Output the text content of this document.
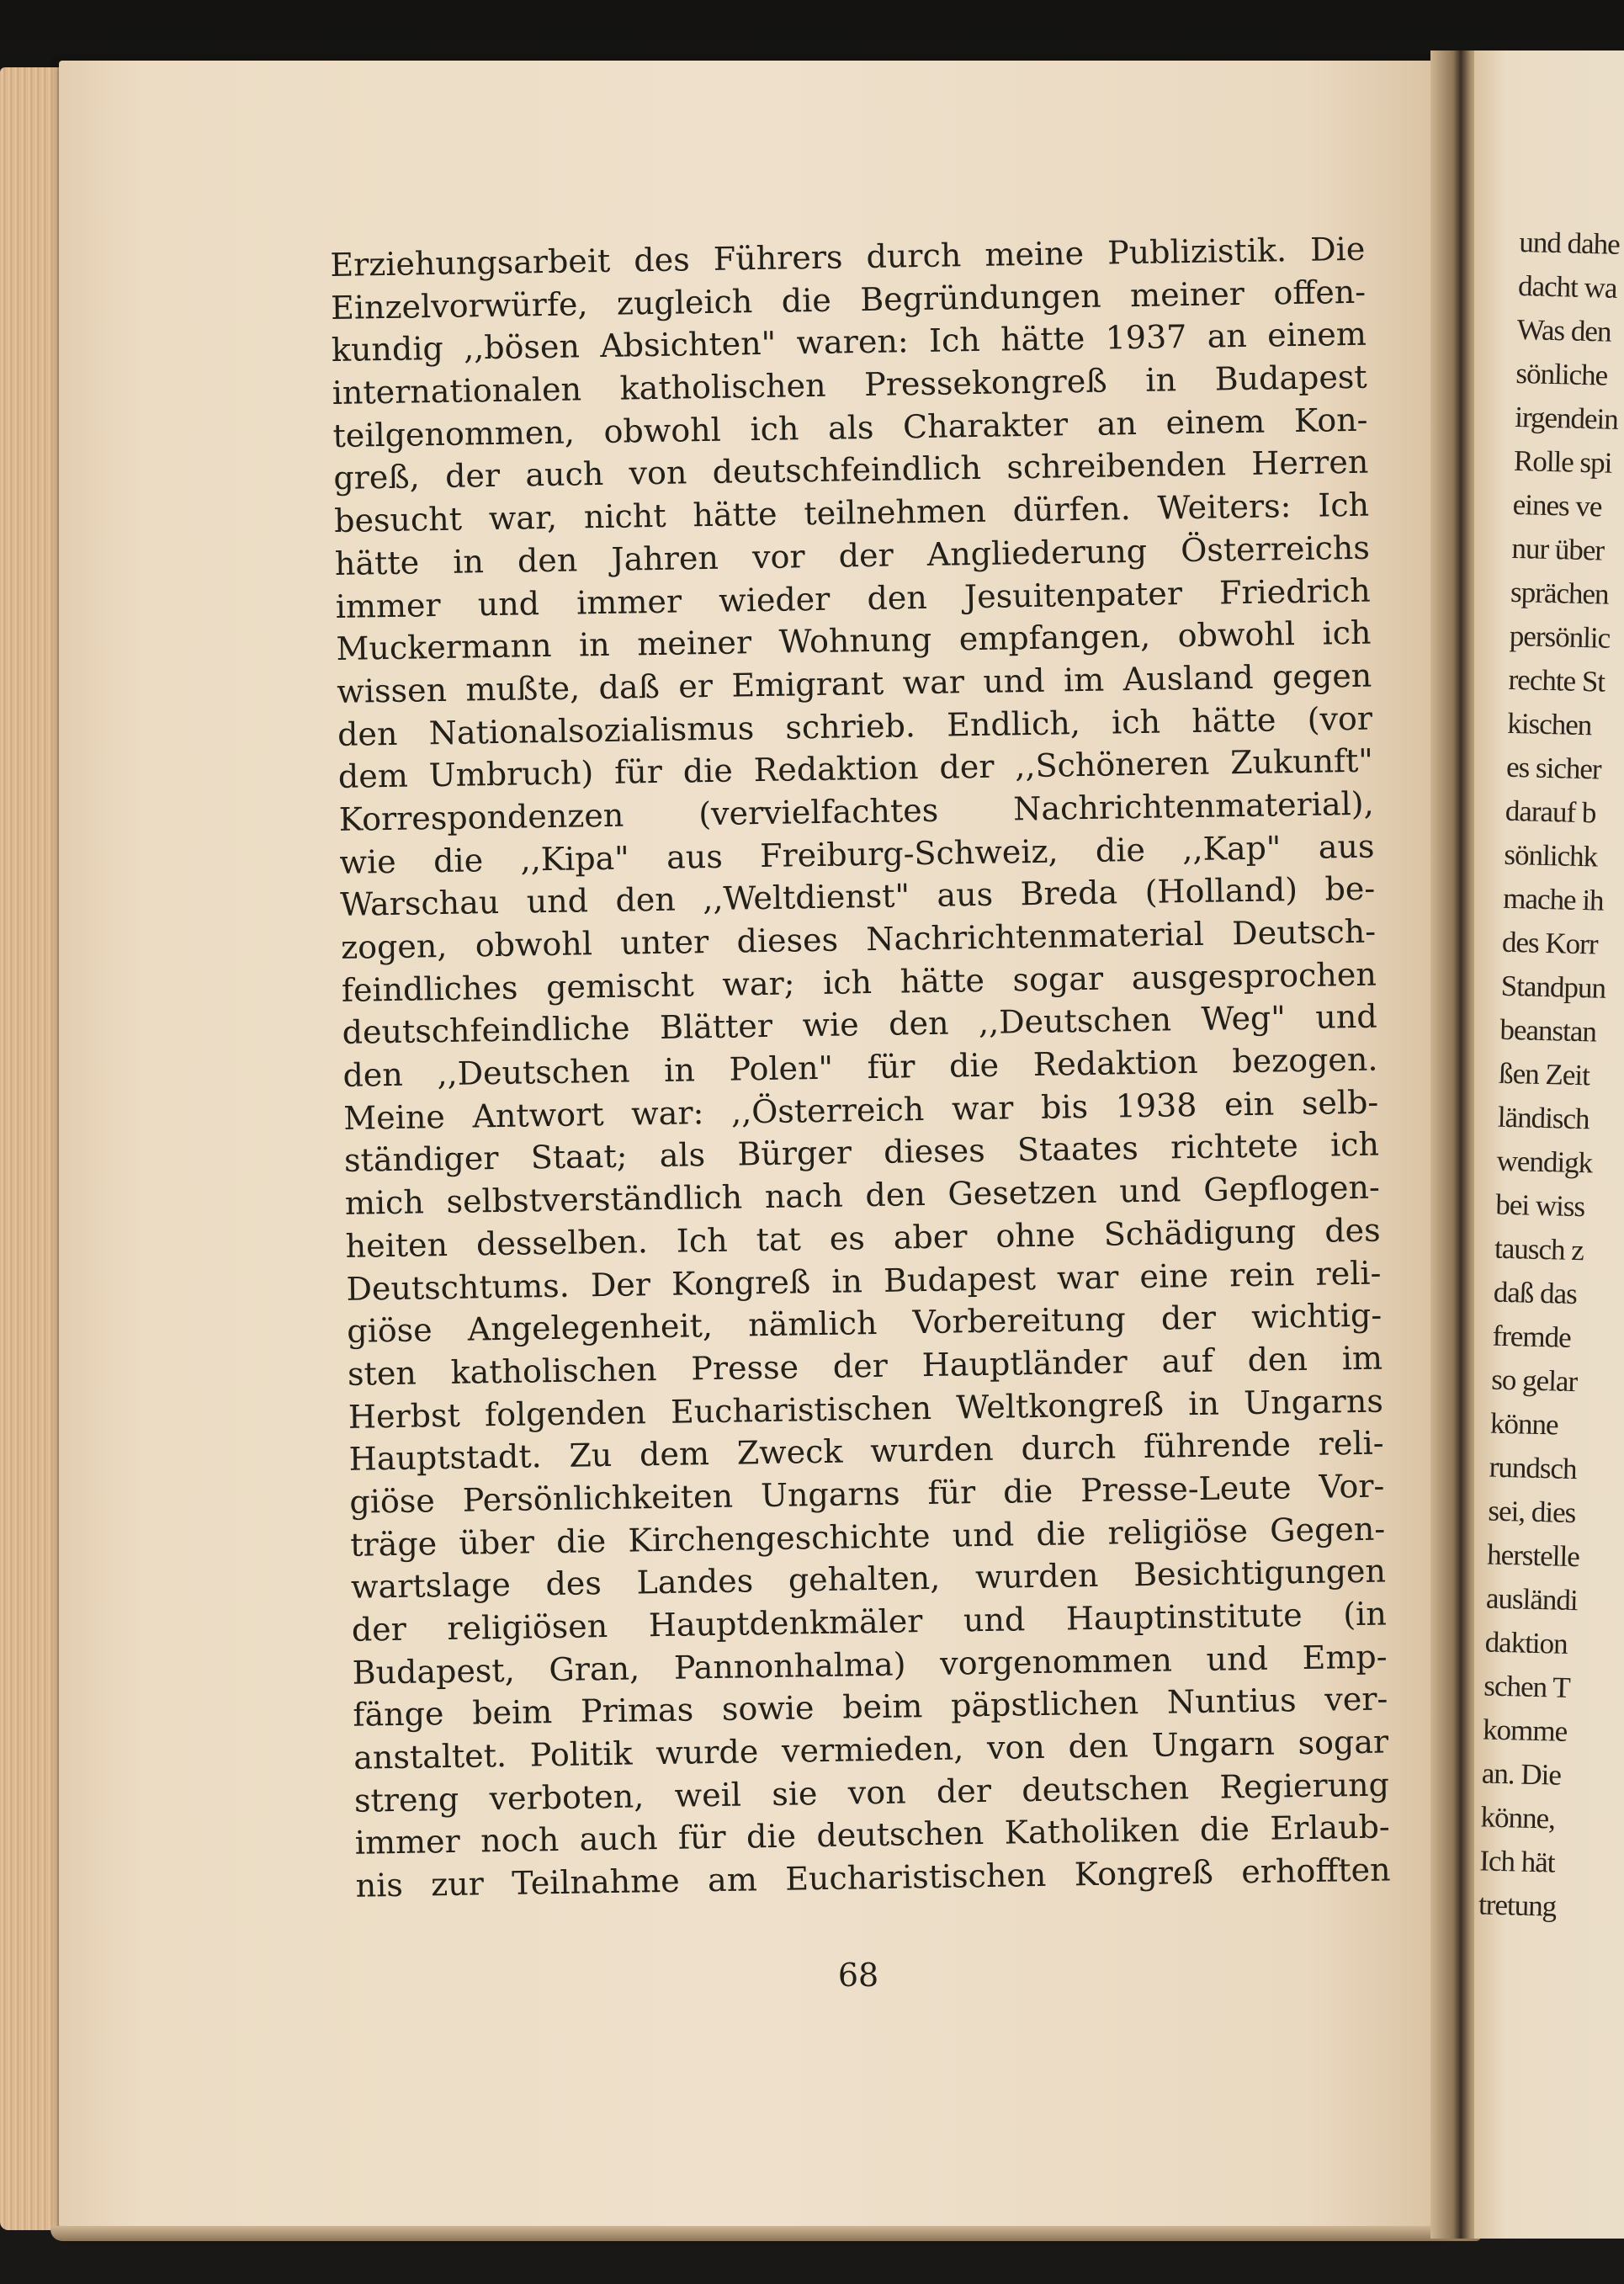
Erziehungsarbeit des Führers durch meine Publizistik. Die
Einzelvorwürfe, zugleich die Begründungen meiner offen-
kundig ,,bösen Absichten" waren: Ich hätte 1937 an einem
internationalen katholischen Pressekongreß in Budapest
teilgenommen, obwohl ich als Charakter an einem Kon-
greß, der auch von deutschfeindlich schreibenden Herren
besucht war, nicht hätte teilnehmen dürfen. Weiters: Ich
hätte in den Jahren vor der Angliederung Österreichs
immer und immer wieder den Jesuitenpater Friedrich
Muckermann in meiner Wohnung empfangen, obwohl ich
wissen mußte, daß er Emigrant war und im Ausland gegen
den Nationalsozialismus schrieb. Endlich, ich hätte (vor
dem Umbruch) für die Redaktion der ,,Schöneren Zukunft"
Korrespondenzen (vervielfachtes Nachrichtenmaterial),
wie die ,,Kipa" aus Freiburg-Schweiz, die ,,Kap" aus
Warschau und den ,,Weltdienst" aus Breda (Holland) be-
zogen, obwohl unter dieses Nachrichtenmaterial Deutsch-
feindliches gemischt war; ich hätte sogar ausgesprochen
deutschfeindliche Blätter wie den ,,Deutschen Weg" und
den ,,Deutschen in Polen" für die Redaktion bezogen.
Meine Antwort war: ,,Österreich war bis 1938 ein selb-
ständiger Staat; als Bürger dieses Staates richtete ich
mich selbstverständlich nach den Gesetzen und Gepflogen-
heiten desselben. Ich tat es aber ohne Schädigung des
Deutschtums. Der Kongreß in Budapest war eine rein reli-
giöse Angelegenheit, nämlich Vorbereitung der wichtig-
sten katholischen Presse der Hauptländer auf den im
Herbst folgenden Eucharistischen Weltkongreß in Ungarns
Hauptstadt. Zu dem Zweck wurden durch führende reli-
giöse Persönlichkeiten Ungarns für die Presse-Leute Vor-
träge über die Kirchengeschichte und die religiöse Gegen-
wartslage des Landes gehalten, wurden Besichtigungen
der religiösen Hauptdenkmäler und Hauptinstitute (in
Budapest, Gran, Pannonhalma) vorgenommen und Emp-
fänge beim Primas sowie beim päpstlichen Nuntius ver-
anstaltet. Politik wurde vermieden, von den Ungarn sogar
streng verboten, weil sie von der deutschen Regierung
immer noch auch für die deutschen Katholiken die Erlaub-
nis zur Teilnahme am Eucharistischen Kongreß erhofften
68
und dahe
dacht wa
Was den
sönliche
irgendein
Rolle spi
eines ve
nur über
sprächen
persönlic
rechte St
kischen
es sicher
darauf b
sönlichk
mache ih
des Korr
Standpun
beanstan
ßen Zeit
ländisch
wendigk
bei wiss
tausch z
daß das
fremde
so gelar
könne
rundsch
sei, dies
herstelle
ausländi
daktion
schen T
komme
an. Die
könne,
Ich hät
tretung
